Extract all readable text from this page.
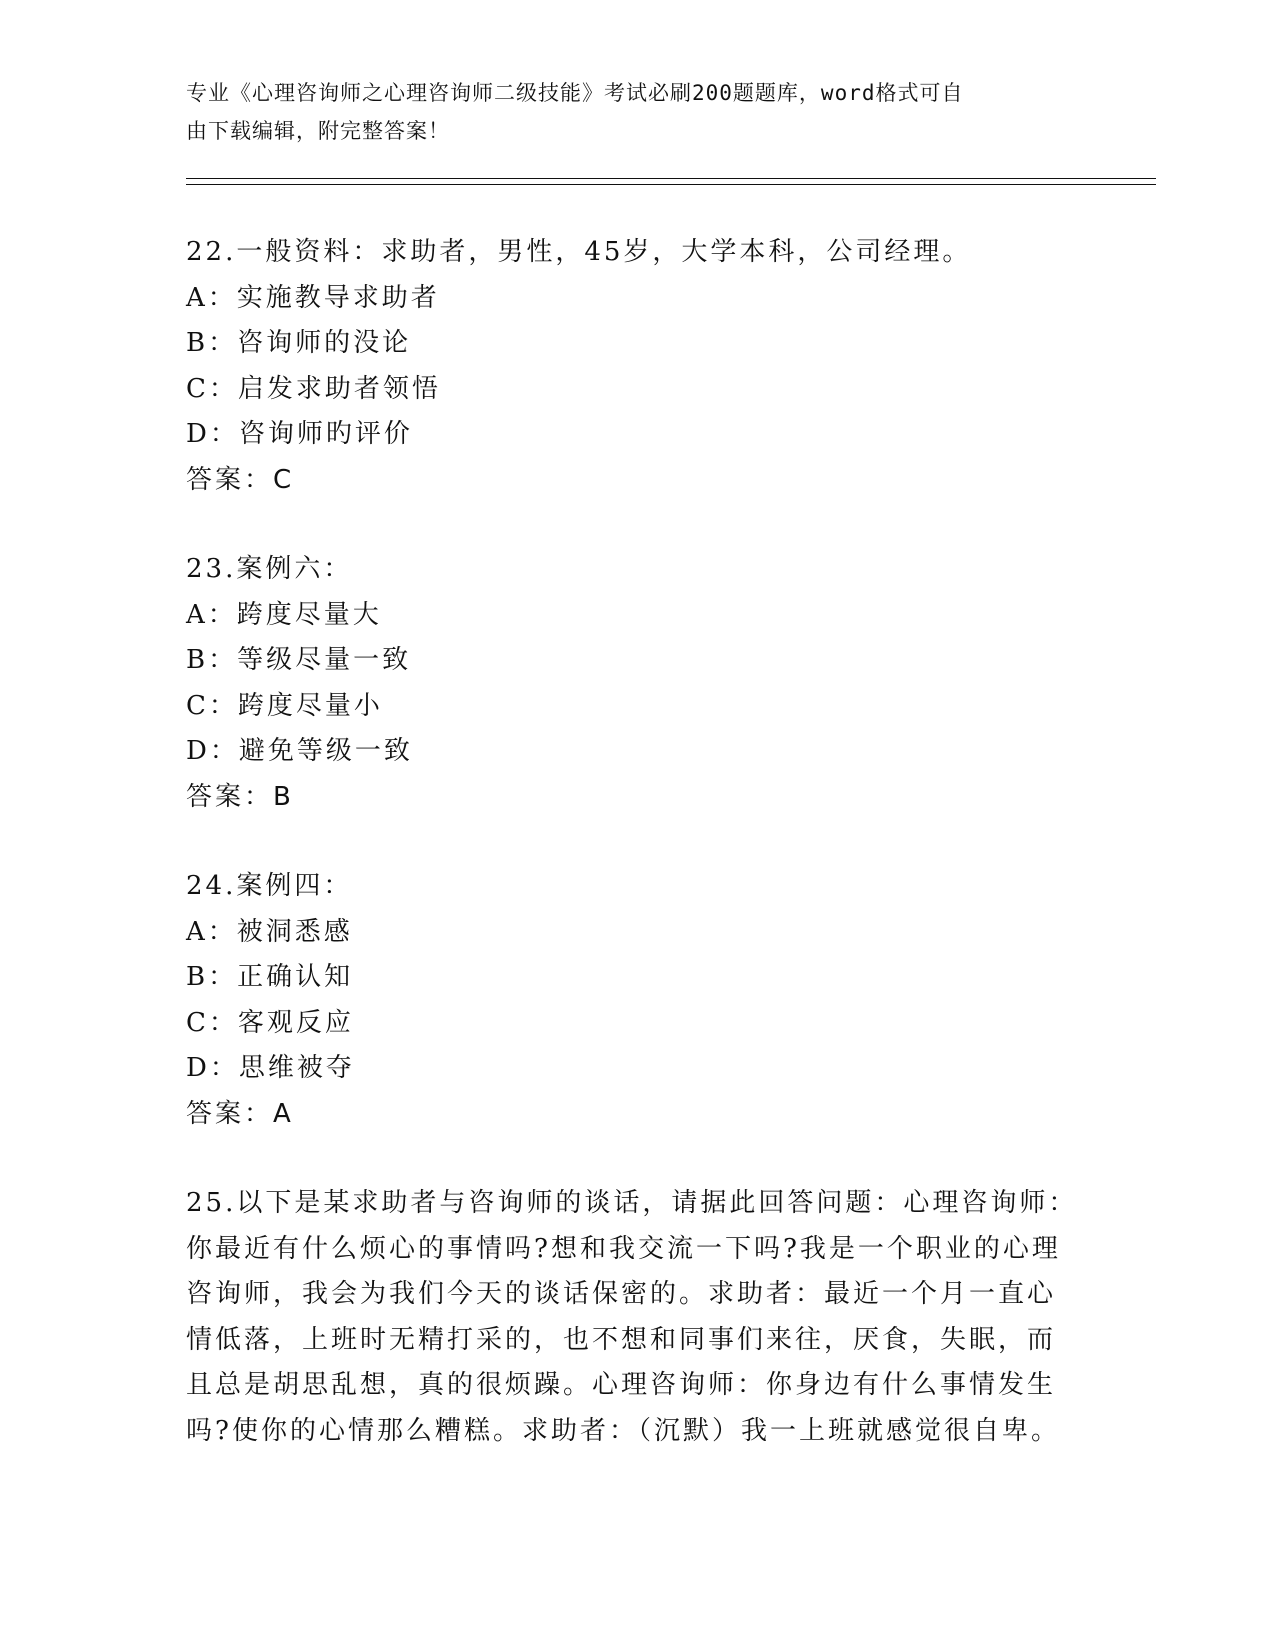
专业《心理咨询师之心理咨询师二级技能》考试必刷200题题库，word格式可自
由下载编辑，附完整答案！
22.一般资料：求助者，男性，45岁，大学本科，公司经理。
A：实施教导求助者
B：咨询师的没论
C：启发求助者领悟
D：咨询师旳评价
答案：C
23.案例六：
A：跨度尽量大
B：等级尽量一致
C：跨度尽量小
D：避免等级一致
答案：B
24.案例四：
A：被洞悉感
B：正确认知
C：客观反应
D：思维被夺
答案：A
25.以下是某求助者与咨询师的谈话，请据此回答问题：心理咨询师：
你最近有什么烦心的事情吗?想和我交流一下吗?我是一个职业的心理
咨询师，我会为我们今天的谈话保密的。求助者：最近一个月一直心
情低落，上班时无精打采的，也不想和同事们来往，厌食，失眠，而
且总是胡思乱想，真的很烦躁。心理咨询师：你身边有什么事情发生
吗?使你的心情那么糟糕。求助者：（沉默）我一上班就感觉很自卑。
